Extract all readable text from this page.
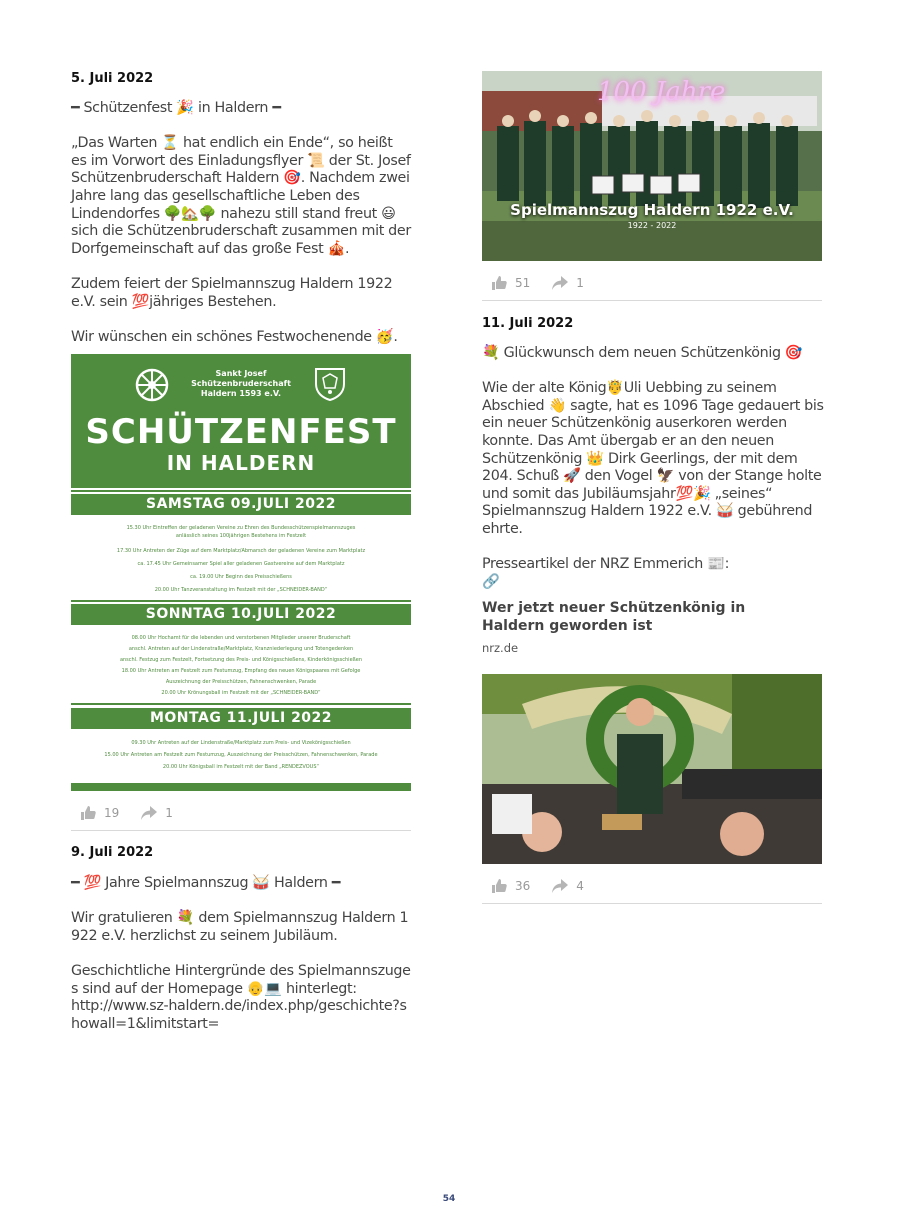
5. Juli 2022
━ Schützenfest 🎉 in Haldern ━

„Das Warten ⏳ hat endlich ein Ende“, so heißt es im Vorwort des Einladungsflyer 📜 der St. Josef Schützenbruderschaft Haldern 🎯. Nachdem zwei Jahre lang das gesellschaftliche Leben des Lindendorfes 🌳🏡🌳 nahezu still stand freut 😃 sich die Schützenbruderschaft zusammen mit der Dorfgemeinschaft auf das große Fest 🎪.

Zudem feiert der Spielmannszug Haldern 1922 e.V. sein 💯jähriges Bestehen.

Wir wünschen ein schönes Festwochenende 🥳.
Sankt Josef
Schützenbruderschaft
Haldern 1593 e.V.
SCHÜTZENFEST
IN HALDERN
SAMSTAG 09.JULI 2022
15.30 Uhr Eintreffen der geladenen Vereine zu Ehren des Bundesschützenspielmannszuges
anlässlich seines 100jährigen Bestehens im Festzelt
17.30 Uhr Antreten der Züge auf dem Marktplatz/Abmarsch der geladenen Vereine zum Marktplatz
ca. 17.45 Uhr Gemeinsamer Spiel aller geladenen Gastvereine auf dem Marktplatz
ca. 19.00 Uhr Beginn des Preisschießens
20.00 Uhr Tanzveranstaltung im Festzelt mit der „SCHNEIDER-BAND“
SONNTAG 10.JULI 2022
08.00 Uhr Hochamt für die lebenden und verstorbenen Mitglieder unserer Bruderschaft
anschl. Antreten auf der Lindenstraße/Marktplatz, Kranzniederlegung und Totengedenken
anschl. Festzug zum Festzelt, Fortsetzung des Preis- und Königsschießens, Kinderkönigsschießen
18.00 Uhr Antreten am Festzelt zum Festumzug, Empfang des neuen Königspaares mit Gefolge
Auszeichnung der Preisschützen, Fahnenschwenken, Parade
20.00 Uhr Krönungsball im Festzelt mit der „SCHNEIDER-BAND“
MONTAG 11.JULI 2022
09.30 Uhr Antreten auf der Lindenstraße/Marktplatz zum Preis- und Vizekönigsschießen
15.00 Uhr Antreten am Festzelt zum Festumzug, Auszeichnung der Preisschützen, Fahnenschwenken, Parade
20.00 Uhr Königsball im Festzelt mit der Band „RENDEZVOUS“
19	1
9. Juli 2022
━ 💯 Jahre Spielmannszug 🥁 Haldern ━

Wir gratulieren 💐 dem Spielmannszug Haldern 1922 e.V. herzlichst zu seinem Jubiläum.

Geschichtliche Hintergründe des Spielmannszuges sind auf der Homepage 👴💻 hinterlegt:
http://www.sz-haldern.de/index.php/geschichte?showall=1&limitstart=
100 Jahre
Spielmannszug Haldern 1922 e.V.
1922 - 2022
51	1
11. Juli 2022
💐 Glückwunsch dem neuen Schützenkönig 🎯

Wie der alte König🤴Uli Uebbing zu seinem Abschied 👋 sagte, hat es 1096 Tage gedauert bis ein neuer Schützenkönig auserkoren werden konnte. Das Amt übergab er an den neuen Schützenkönig 👑 Dirk Geerlings, der mit dem 204. Schuß 🚀 den Vogel 🦅 von der Stange holte und somit das Jubiläumsjahr💯🎉 „seines“ Spielmannszug Haldern 1922 e.V. 🥁 gebührend ehrte.

Presseartikel der NRZ Emmerich 📰:
🔗
Wer jetzt neuer Schützenkönig in Haldern geworden ist
nrz.de
36	4
54
